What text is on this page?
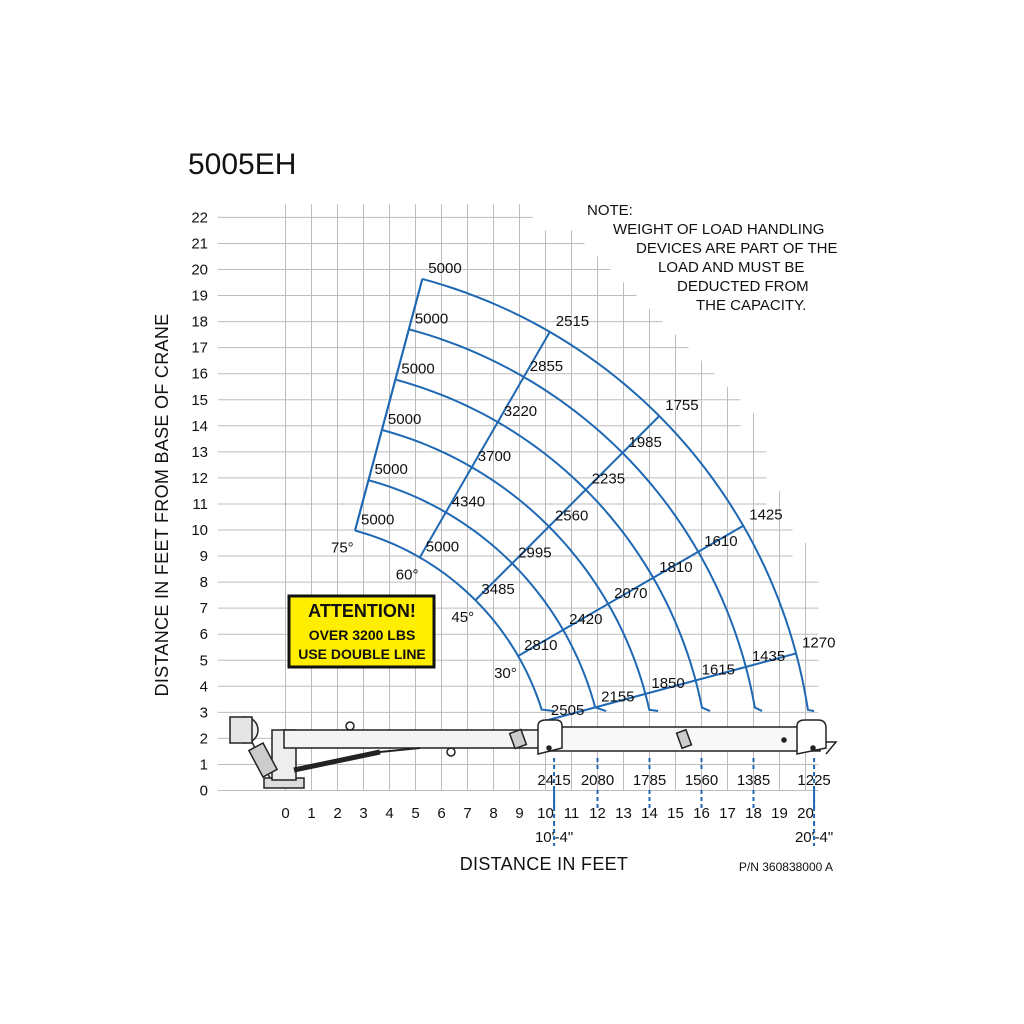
5005EH
0
1
2
3
4
5
6
7
8
9
10
11
12
13
14
15
16
17
18
19
20
21
22
0 1 2 3 4 5 6 7 8 9 10 11 12 13 14 15 16 17 18 19 20
DISTANCE IN FEET FROM BASE OF CRANE
DISTANCE IN FEET
5000
5000
5000
5000
5000
5000
5000
4340
3700
3220
2855
2515
3485
2995
2560
2235
1985
1755
2810
2420
2070
1810
1610
1425
2505
2155
1850
1615
1435
1270
75°
60°
45°
30°
2415 2080 1785 1560 1385 1225
10'-4"	20'-4"
NOTE:
WEIGHT OF LOAD HANDLING
DEVICES ARE PART OF THE
LOAD AND MUST BE
DEDUCTED FROM
THE CAPACITY.
ATTENTION!
OVER 3200 LBS
USE DOUBLE LINE
P/N 360838000 A
